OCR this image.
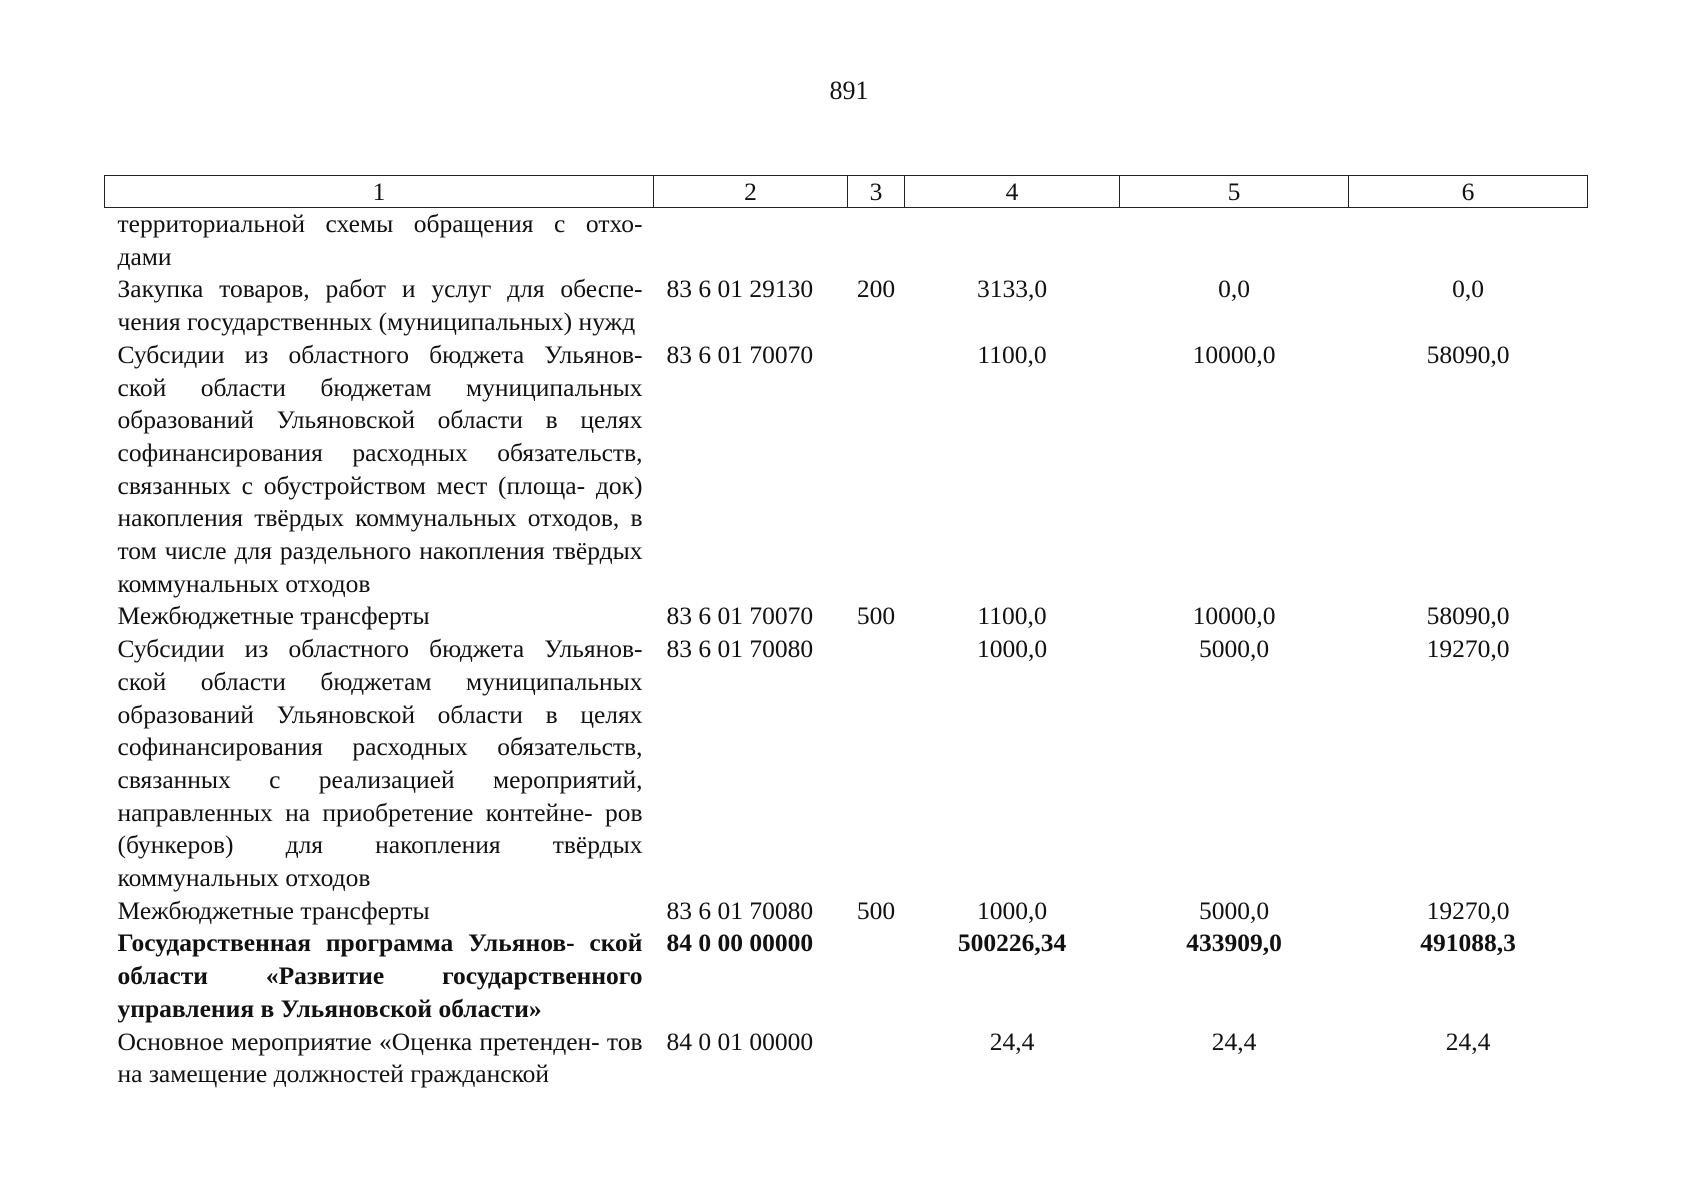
891
1	2	3	4	5	6
территориальной схемы обращения с отхо- дами					
Закупка товаров, работ и услуг для обеспе- чения государственных (муниципальных) нужд	83 6 01 29130	200	3133,0	0,0	0,0
Субсидии из областного бюджета Ульянов- ской области бюджетам муниципальных образований Ульяновской области в целях софинансирования расходных обязательств, связанных с обустройством мест (площа- док) накопления твёрдых коммунальных отходов, в том числе для раздельного накопления твёрдых коммунальных отходов	83 6 01 70070		1100,0	10000,0	58090,0
Межбюджетные трансферты	83 6 01 70070	500	1100,0	10000,0	58090,0
Субсидии из областного бюджета Ульянов- ской области бюджетам муниципальных образований Ульяновской области в целях софинансирования расходных обязательств, связанных с реализацией мероприятий, направленных на приобретение контейне- ров (бункеров) для накопления твёрдых коммунальных отходов	83 6 01 70080		1000,0	5000,0	19270,0
Межбюджетные трансферты	83 6 01 70080	500	1000,0	5000,0	19270,0
Государственная программа Ульянов- ской области «Развитие государственного управления в Ульяновской области»	84 0 00 00000		500226,34	433909,0	491088,3
Основное мероприятие «Оценка претенден- тов на замещение должностей гражданской	84 0 01 00000		24,4	24,4	24,4
